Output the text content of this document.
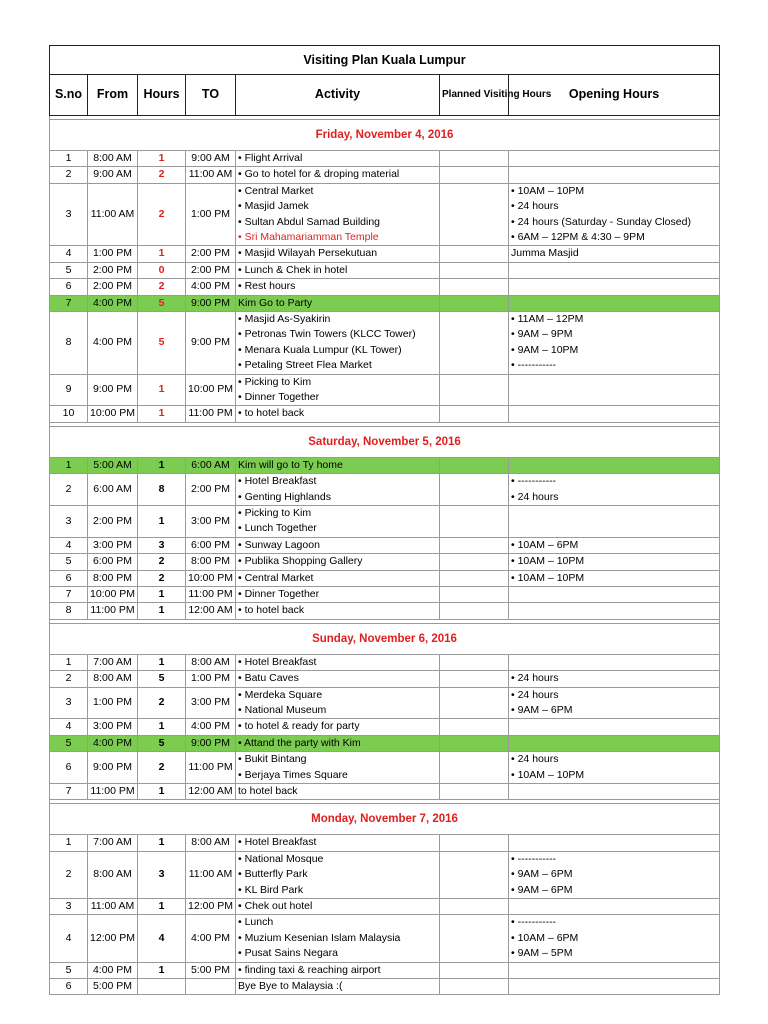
Visiting Plan Kuala Lumpur						
S.no	From	Hours	TO	Activity	Planned Visiting Hours	Opening Hours

Friday, November 4, 2016						
1	8:00 AM	1	9:00 AM	• Flight Arrival		

2	9:00 AM	2	11:00 AM	• Go to hotel for & droping material		

3	11:00 AM	2	1:00 PM	• Central Market
• Masjid Jamek
• Sultan Abdul Samad Building
• Sri Mahamariamman Temple		• 10AM – 10PM
• 24 hours
• 24 hours (Saturday - Sunday Closed)
• 6AM – 12PM & 4:30 – 9PM

4	1:00 PM	1	2:00 PM	• Masjid Wilayah Persekutuan		Jumma Masjid

5	2:00 PM	0	2:00 PM	• Lunch & Chek in hotel		

6	2:00 PM	2	4:00 PM	• Rest hours		

7	4:00 PM	5	9:00 PM	Kim Go to Party		

8	4:00 PM	5	9:00 PM	• Masjid As-Syakirin
• Petronas Twin Towers (KLCC Tower)
• Menara Kuala Lumpur (KL Tower)
• Petaling Street Flea Market		• 11AM – 12PM
• 9AM – 9PM
• 9AM – 10PM
• -----------

9	9:00 PM	1	10:00 PM	• Picking to Kim
• Dinner Together		

10	10:00 PM	1	11:00 PM	• to hotel back		

Saturday, November 5, 2016						
1	5:00 AM	1	6:00 AM	Kim will go to Ty home		

2	6:00 AM	8	2:00 PM	• Hotel Breakfast
• Genting Highlands		• -----------
• 24 hours

3	2:00 PM	1	3:00 PM	• Picking to Kim
• Lunch Together		

4	3:00 PM	3	6:00 PM	• Sunway Lagoon		• 10AM – 6PM

5	6:00 PM	2	8:00 PM	• Publika Shopping Gallery		• 10AM – 10PM

6	8:00 PM	2	10:00 PM	• Central Market		• 10AM – 10PM

7	10:00 PM	1	11:00 PM	• Dinner Together		

8	11:00 PM	1	12:00 AM	• to hotel back		

Sunday, November 6, 2016						
1	7:00 AM	1	8:00 AM	• Hotel Breakfast		

2	8:00 AM	5	1:00 PM	• Batu Caves		• 24 hours

3	1:00 PM	2	3:00 PM	• Merdeka Square
• National Museum		• 24 hours
• 9AM – 6PM

4	3:00 PM	1	4:00 PM	• to hotel & ready for party		

5	4:00 PM	5	9:00 PM	• Attand the party with Kim		

6	9:00 PM	2	11:00 PM	• Bukit Bintang
• Berjaya Times Square		• 24 hours
• 10AM – 10PM

7	11:00 PM	1	12:00 AM	to hotel back		

Monday, November 7, 2016						
1	7:00 AM	1	8:00 AM	• Hotel Breakfast		

2	8:00 AM	3	11:00 AM	• National Mosque
• Butterfly Park
• KL Bird Park		• -----------
• 9AM – 6PM
• 9AM – 6PM

3	11:00 AM	1	12:00 PM	• Chek out hotel		

4	12:00 PM	4	4:00 PM	• Lunch
• Muzium Kesenian Islam Malaysia
• Pusat Sains Negara		• -----------
• 10AM – 6PM
• 9AM – 5PM

5	4:00 PM	1	5:00 PM	• finding taxi & reaching airport		

6	5:00 PM			Bye Bye to Malaysia :(		
